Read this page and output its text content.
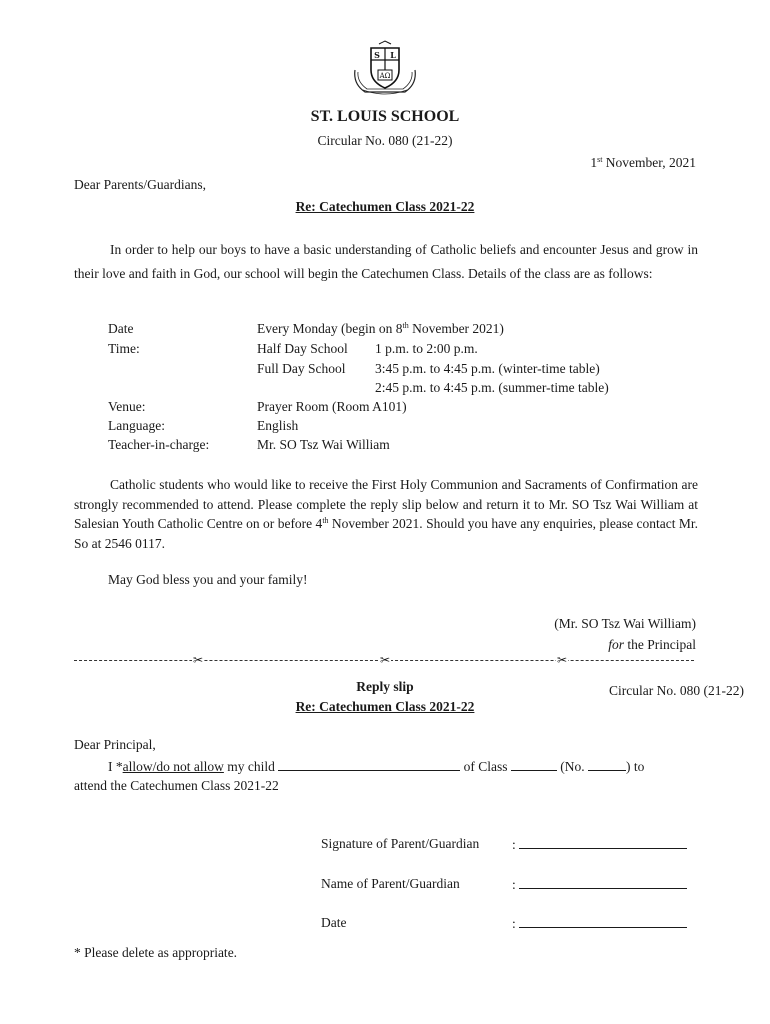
AΩ
S L
ST. LOUIS SCHOOL
Circular No. 080 (21-22)
1st November, 2021
Dear Parents/Guardians,
Re: Catechumen Class 2021-22
In order to help our boys to have a basic understanding of Catholic beliefs and encounter Jesus and grow in their love and faith in God, our school will begin the Catechumen Class. Details of the class are as follows:
Date	Every Monday (begin on 8th November 2021)
Time:	Half Day School 1 p.m. to 2:00 p.m.
Full Day School 3:45 p.m. to 4:45 p.m. (winter-time table)
2:45 p.m. to 4:45 p.m. (summer-time table)
Venue:	Prayer Room (Room A101)
Language:	English
Teacher-in-charge:	Mr. SO Tsz Wai William
Catholic students who would like to receive the First Holy Communion and Sacraments of Confirmation are strongly recommended to attend. Please complete the reply slip below and return it to Mr. SO Tsz Wai William at Salesian Youth Catholic Centre on or before 4th November 2021. Should you have any enquiries, please contact Mr. So at 2546 0117.
May God bless you and your family!
(Mr. SO Tsz Wai William)
for the Principal
✂	✂	✂
Reply slip	Circular No. 080 (21-22)
Re: Catechumen Class 2021-22
Dear Principal,
I *allow/do not allow my child	of Class	(No.	) to
attend the Catechumen Class 2021-22
Signature of Parent/Guardian :
Name of Parent/Guardian	:
Date	:
* Please delete as appropriate.
